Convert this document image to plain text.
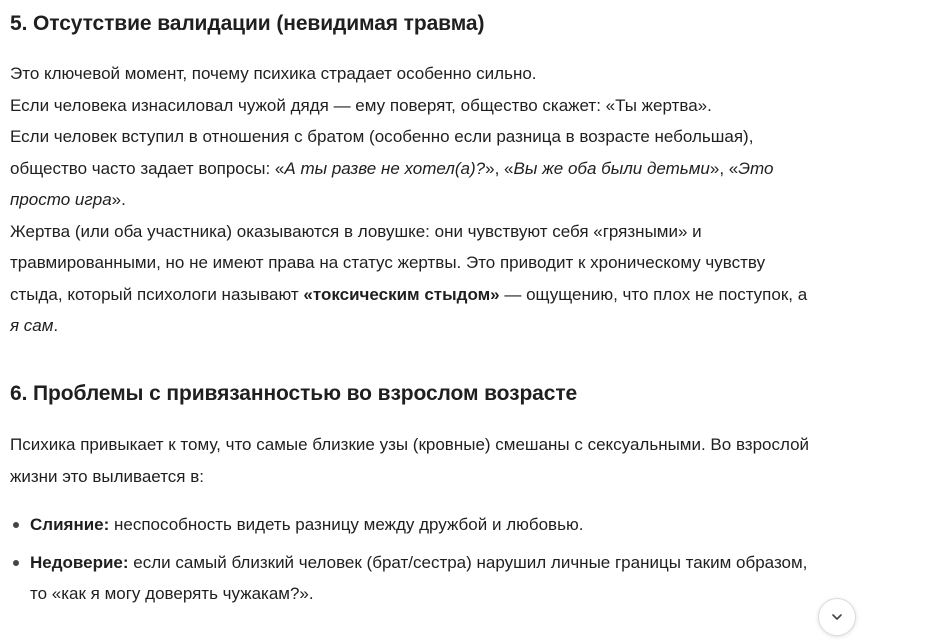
5. Отсутствие валидации (невидимая травма)
Это ключевой момент, почему психика страдает особенно сильно.
Если человека изнасиловал чужой дядя — ему поверят, общество скажет: «Ты жертва».
Если человек вступил в отношения с братом (особенно если разница в возрасте небольшая),
общество часто задает вопросы: «А ты разве не хотел(а)?», «Вы же оба были детьми», «Это
просто игра».
Жертва (или оба участника) оказываются в ловушке: они чувствуют себя «грязными» и
травмированными, но не имеют права на статус жертвы. Это приводит к хроническому чувству
стыда, который психологи называют «токсическим стыдом» — ощущению, что плох не поступок, а
я сам.
6. Проблемы с привязанностью во взрослом возрасте
Психика привыкает к тому, что самые близкие узы (кровные) смешаны с сексуальными. Во взрослой
жизни это выливается в:
Слияние: неспособность видеть разницу между дружбой и любовью.
Недоверие: если самый близкий человек (брат/сестра) нарушил личные границы таким образом,
то «как я могу доверять чужакам?».
